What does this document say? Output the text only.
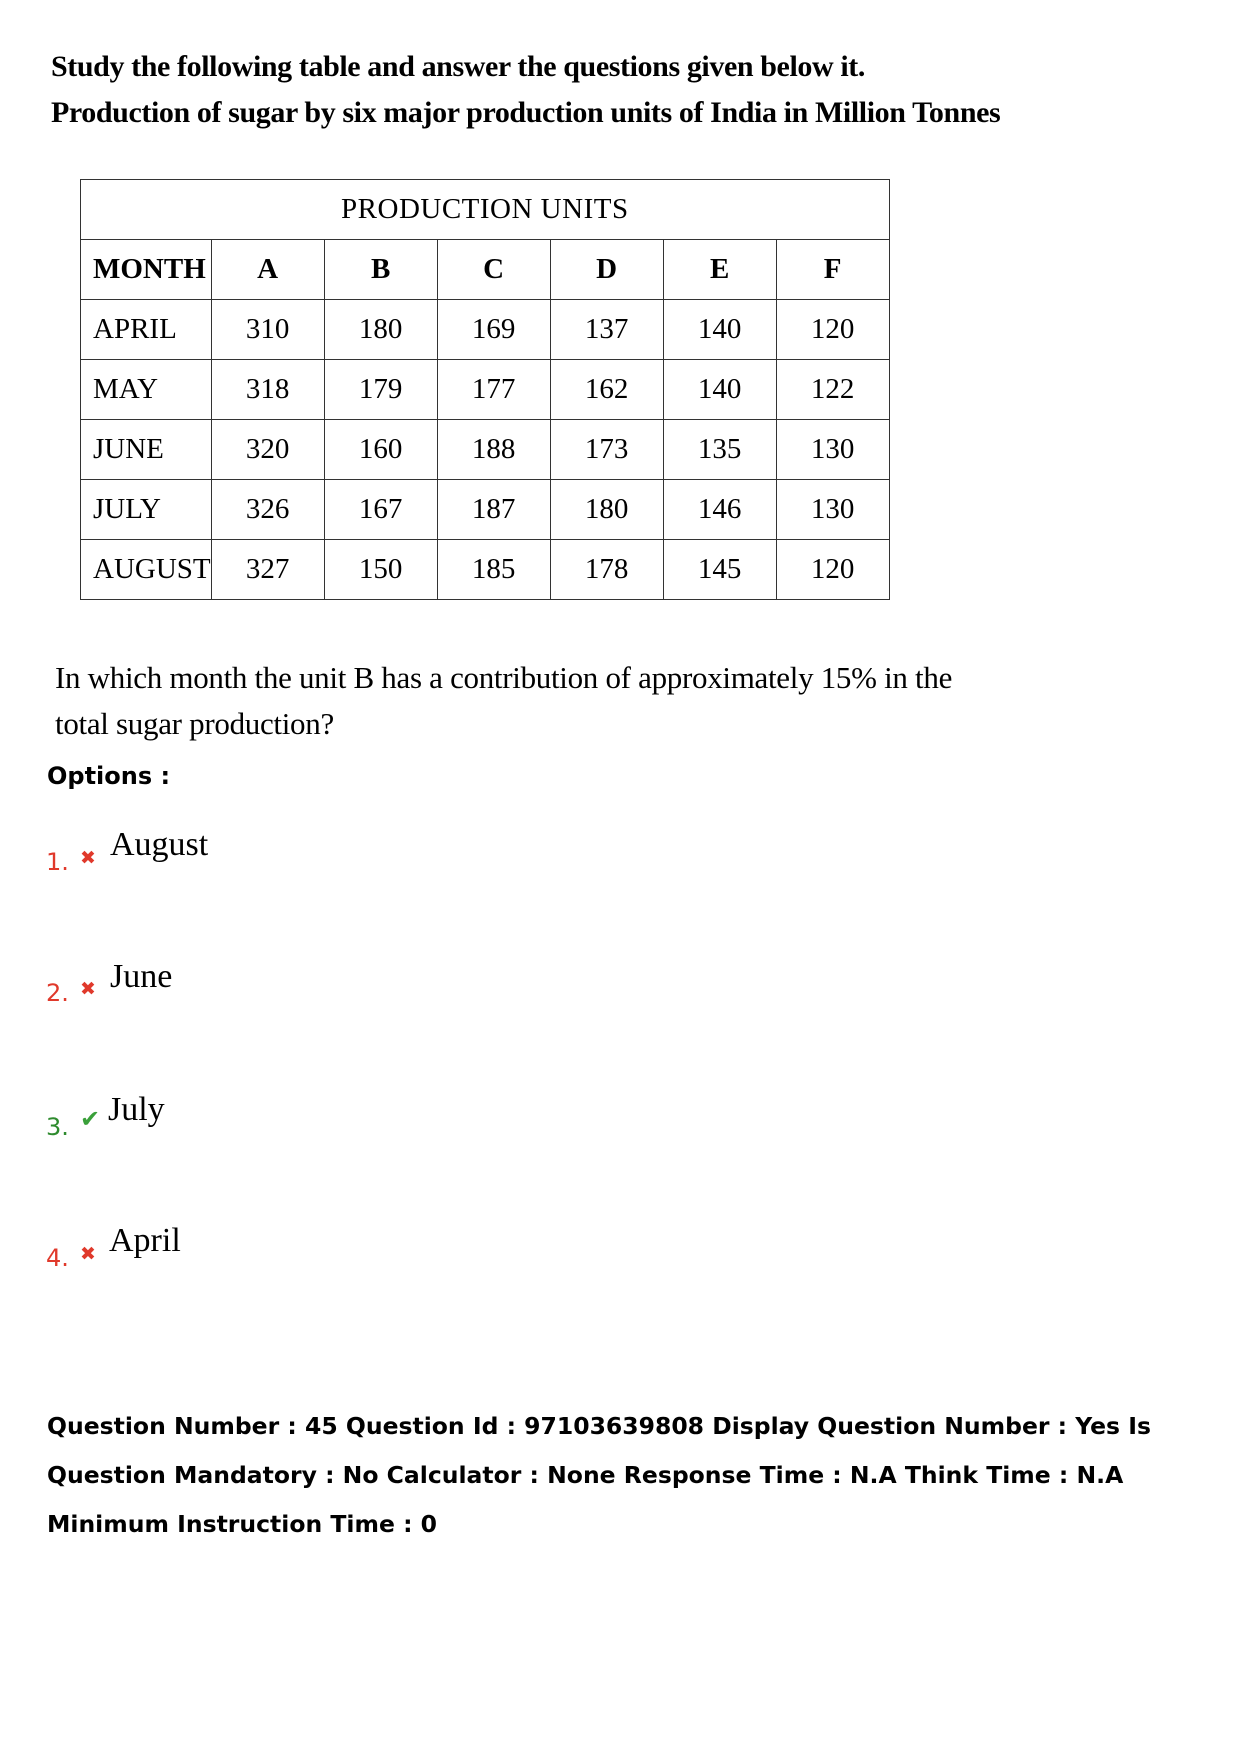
Study the following table and answer the questions given below it.
Production of sugar by six major production units of India in Million Tonnes
PRODUCTION UNITS						
MONTH	A	B	C	D	E	F
APRIL	310	180	169	137	140	120
MAY	318	179	177	162	140	122
JUNE	320	160	188	173	135	130
JULY	326	167	187	180	146	130
AUGUST	327	150	185	178	145	120
In which month the unit B has a contribution of approximately 15% in the
total sugar production?
Options :
1. ✖ August
2. ✖ June
3. ✔ July
4. ✖ April
Question Number : 45 Question Id : 97103639808 Display Question Number : Yes Is Question Mandatory : No Calculator : None Response Time : N.A Think Time : N.A Minimum Instruction Time : 0
